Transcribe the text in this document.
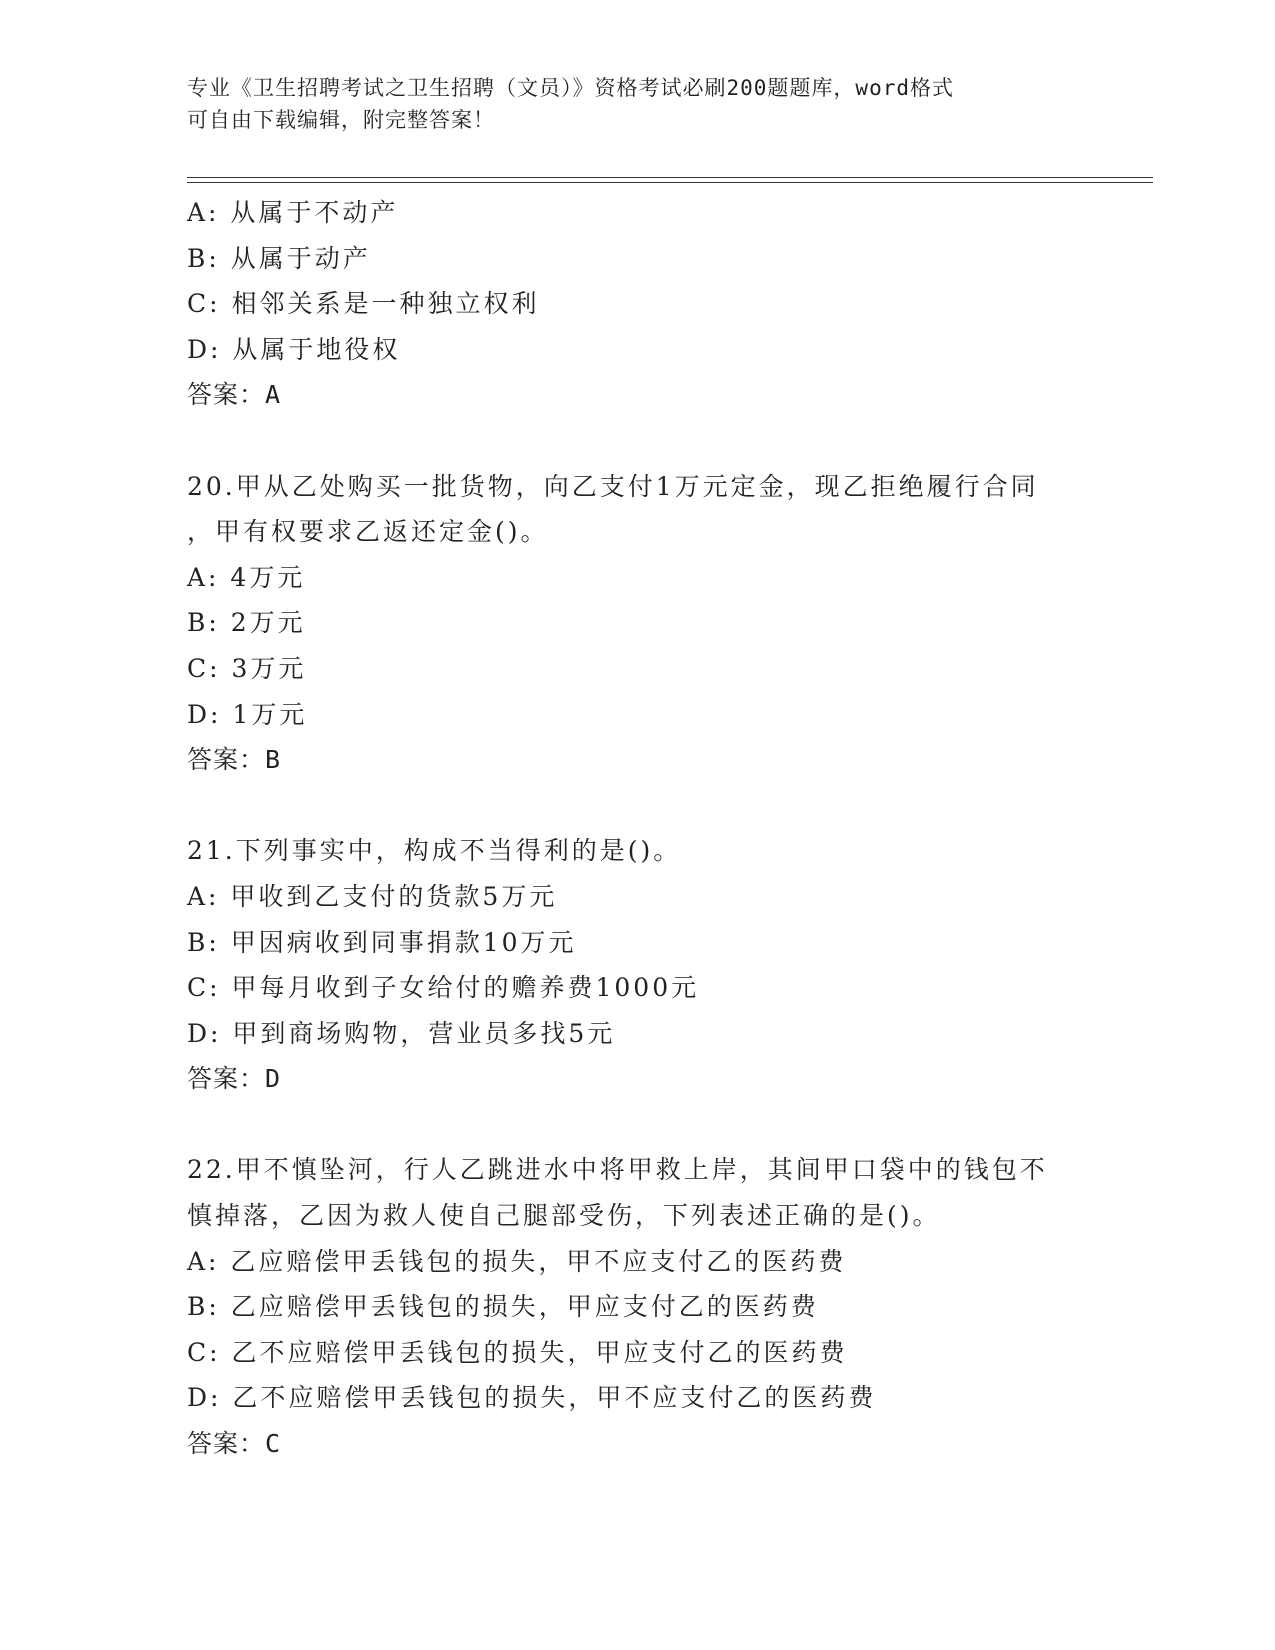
专业《卫生招聘考试之卫生招聘（文员）》资格考试必刷200题题库，word格式

可自由下载编辑，附完整答案！

A: 从属于不动产
B: 从属于动产
C: 相邻关系是一种独立权利
D: 从属于地役权
答案：A
20.甲从乙处购买一批货物，向乙支付1万元定金，现乙拒绝履行合同
，甲有权要求乙返还定金()。
A: 4万元
B: 2万元
C: 3万元
D: 1万元
答案：B
21.下列事实中，构成不当得利的是()。
A: 甲收到乙支付的货款5万元
B: 甲因病收到同事捐款10万元
C: 甲每月收到子女给付的赡养费1000元
D: 甲到商场购物，营业员多找5元
答案：D
22.甲不慎坠河，行人乙跳进水中将甲救上岸，其间甲口袋中的钱包不
慎掉落，乙因为救人使自己腿部受伤，下列表述正确的是()。
A: 乙应赔偿甲丢钱包的损失，甲不应支付乙的医药费
B: 乙应赔偿甲丢钱包的损失，甲应支付乙的医药费
C: 乙不应赔偿甲丢钱包的损失，甲应支付乙的医药费
D: 乙不应赔偿甲丢钱包的损失，甲不应支付乙的医药费
答案：C
